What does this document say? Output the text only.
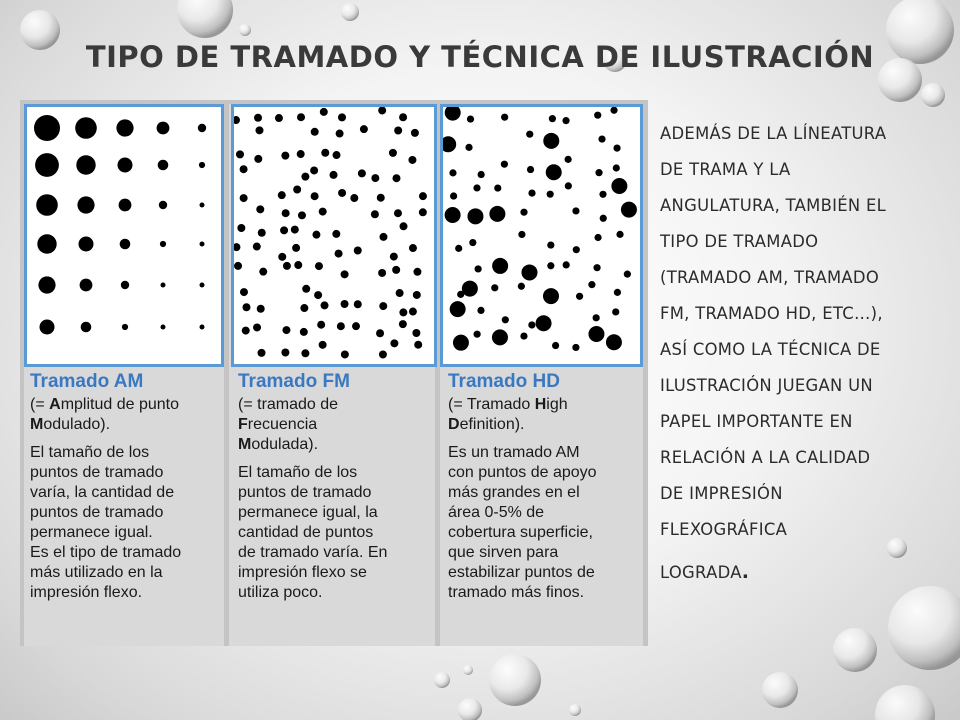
TIPO DE TRAMADO Y TÉCNICA DE ILUSTRACIÓN
Tramado AM
(= Amplitud de punto
Modulado).
El tamaño de los
puntos de tramado
varía, la cantidad de
puntos de tramado
permanece igual.
Es el tipo de tramado
más utilizado en la
impresión flexo.
Tramado FM
(= tramado de
Frecuencia
Modulada).
El tamaño de los
puntos de tramado
permanece igual, la
cantidad de puntos
de tramado varía. En
impresión flexo se
utiliza poco.
Tramado HD
(= Tramado High
Definition).
Es un tramado AM
con puntos de apoyo
más grandes en el
área 0-5% de
cobertura superficie,
que sirven para
estabilizar puntos de
tramado más finos.
ADEMÁS DE LA LÍNEATURA
DE TRAMA Y LA
ANGULATURA, TAMBIÉN EL
TIPO DE TRAMADO
(TRAMADO AM, TRAMADO
FM, TRAMADO HD, ETC…),
ASÍ COMO LA TÉCNICA DE
ILUSTRACIÓN JUEGAN UN
PAPEL IMPORTANTE EN
RELACIÓN A LA CALIDAD
DE IMPRESIÓN
FLEXOGRÁFICA
LOGRADA.
